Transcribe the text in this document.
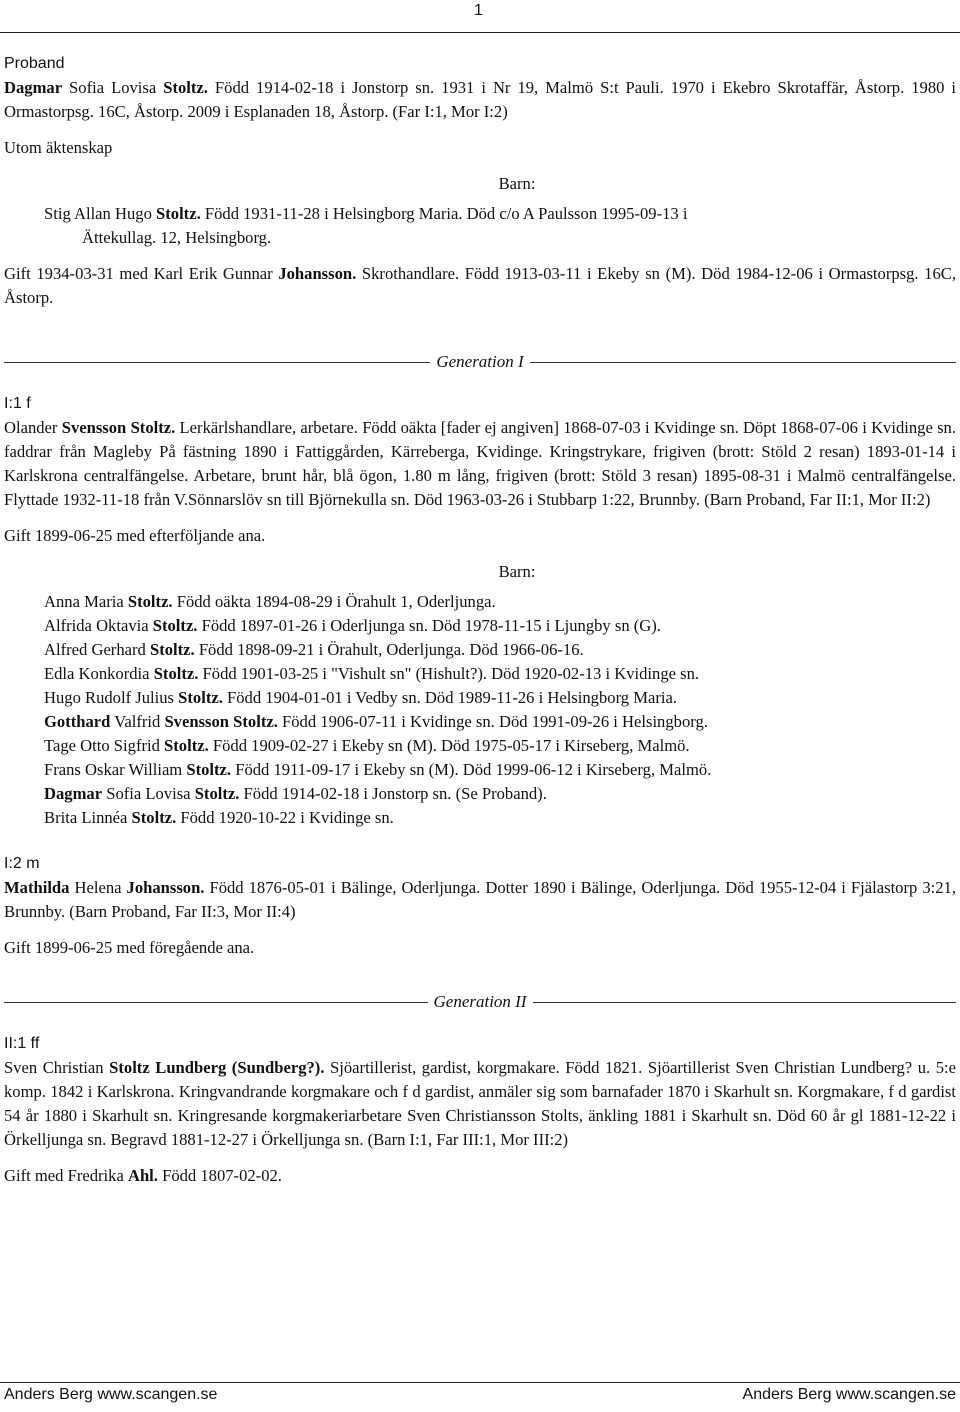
1

Proband

Dagmar Sofia Lovisa Stoltz. Född 1914-02-18 i Jonstorp sn. 1931 i Nr 19, Malmö S:t Pauli. 1970 i Ekebro Skrotaffär, Åstorp. 1980 i Ormastorpsg. 16C, Åstorp. 2009 i Esplanaden 18, Åstorp. (Far I:1, Mor I:2)

Utom äktenskap

Barn:

Stig Allan Hugo Stoltz. Född 1931-11-28 i Helsingborg Maria. Död c/o A Paulsson 1995-09-13 i

Ättekullag. 12, Helsingborg.

Gift 1934-03-31 med Karl Erik Gunnar Johansson. Skrothandlare. Född 1913-03-11 i Ekeby sn (M). Död 1984-12-06 i Ormastorpsg. 16C, Åstorp.

Generation I

I:1 f

Olander Svensson Stoltz. Lerkärlshandlare, arbetare. Född oäkta [fader ej angiven] 1868-07-03 i Kvidinge sn. Döpt 1868-07-06 i Kvidinge sn. faddrar från Magleby På fästning 1890 i Fattiggården, Kärreberga, Kvidinge. Kringstrykare, frigiven (brott: Stöld 2 resan) 1893-01-14 i Karlskrona centralfängelse. Arbetare, brunt hår, blå ögon, 1.80 m lång, frigiven (brott: Stöld 3 resan) 1895-08-31 i Malmö centralfängelse. Flyttade 1932-11-18 från V.Sönnarslöv sn till Björnekulla sn. Död 1963-03-26 i Stubbarp 1:22, Brunnby. (Barn Proband, Far II:1, Mor II:2)

Gift 1899-06-25 med efterföljande ana.

Barn:

Anna Maria Stoltz. Född oäkta 1894-08-29 i Örahult 1, Oderljunga.

Alfrida Oktavia Stoltz. Född 1897-01-26 i Oderljunga sn. Död 1978-11-15 i Ljungby sn (G).

Alfred Gerhard Stoltz. Född 1898-09-21 i Örahult, Oderljunga. Död 1966-06-16.

Edla Konkordia Stoltz. Född 1901-03-25 i "Vishult sn" (Hishult?). Död 1920-02-13 i Kvidinge sn.

Hugo Rudolf Julius Stoltz. Född 1904-01-01 i Vedby sn. Död 1989-11-26 i Helsingborg Maria.

Gotthard Valfrid Svensson Stoltz. Född 1906-07-11 i Kvidinge sn. Död 1991-09-26 i Helsingborg.

Tage Otto Sigfrid Stoltz. Född 1909-02-27 i Ekeby sn (M). Död 1975-05-17 i Kirseberg, Malmö.

Frans Oskar William Stoltz. Född 1911-09-17 i Ekeby sn (M). Död 1999-06-12 i Kirseberg, Malmö.

Dagmar Sofia Lovisa Stoltz. Född 1914-02-18 i Jonstorp sn. (Se Proband).

Brita Linnéa Stoltz. Född 1920-10-22 i Kvidinge sn.

I:2 m

Mathilda Helena Johansson. Född 1876-05-01 i Bälinge, Oderljunga. Dotter 1890 i Bälinge, Oderljunga. Död 1955-12-04 i Fjälastorp 3:21, Brunnby. (Barn Proband, Far II:3, Mor II:4)

Gift 1899-06-25 med föregående ana.

Generation II

II:1 ff

Sven Christian Stoltz Lundberg (Sundberg?). Sjöartillerist, gardist, korgmakare. Född 1821. Sjöartillerist Sven Christian Lundberg? u. 5:e komp. 1842 i Karlskrona. Kringvandrande korgmakare och f d gardist, anmäler sig som barnafader 1870 i Skarhult sn. Korgmakare, f d gardist 54 år 1880 i Skarhult sn. Kringresande korgmakeriarbetare Sven Christiansson Stolts, änkling 1881 i Skarhult sn. Död 60 år gl 1881-12-22 i Örkelljunga sn. Begravd 1881-12-27 i Örkelljunga sn. (Barn I:1, Far III:1, Mor III:2)

Gift med Fredrika Ahl. Född 1807-02-02.

Anders Berg www.scangen.se	Anders Berg www.scangen.se
